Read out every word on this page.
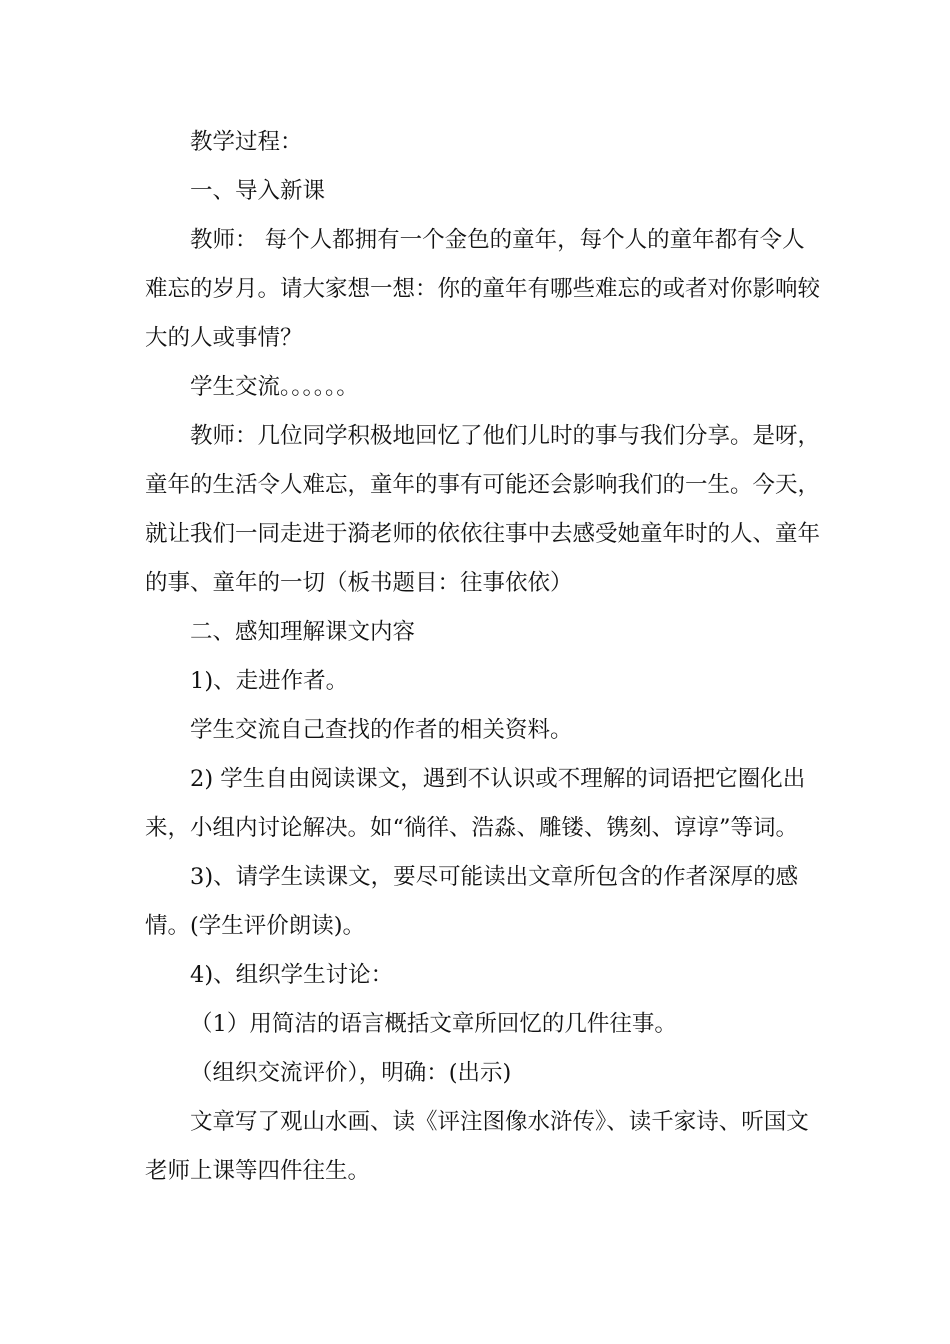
教学过程：

一、导入新课

教师： 每个人都拥有一个金色的童年，每个人的童年都有令人难忘的岁月。请大家想一想：你的童年有哪些难忘的或者对你影响较大的人或事情？

学生交流。。。。。。

教师：几位同学积极地回忆了他们儿时的事与我们分享。是呀，童年的生活令人难忘，童年的事有可能还会影响我们的一生。今天，就让我们一同走进于漪老师的依依往事中去感受她童年时的人、童年的事、童年的一切（板书题目：往事依依）

二、感知理解课文内容

1)、走进作者。

学生交流自己查找的作者的相关资料。

2) 学生自由阅读课文，遇到不认识或不理解的词语把它圈化出来，小组内讨论解决。如“徜徉、浩淼、雕镂、镌刻、谆谆”等词。

3)、请学生读课文，要尽可能读出文章所包含的作者深厚的感情。(学生评价朗读)。

4)、组织学生讨论：

（1）用简洁的语言概括文章所回忆的几件往事。

（组织交流评价），明确：(出示)

文章写了观山水画、读《评注图像水浒传》、读千家诗、听国文老师上课等四件往生。
